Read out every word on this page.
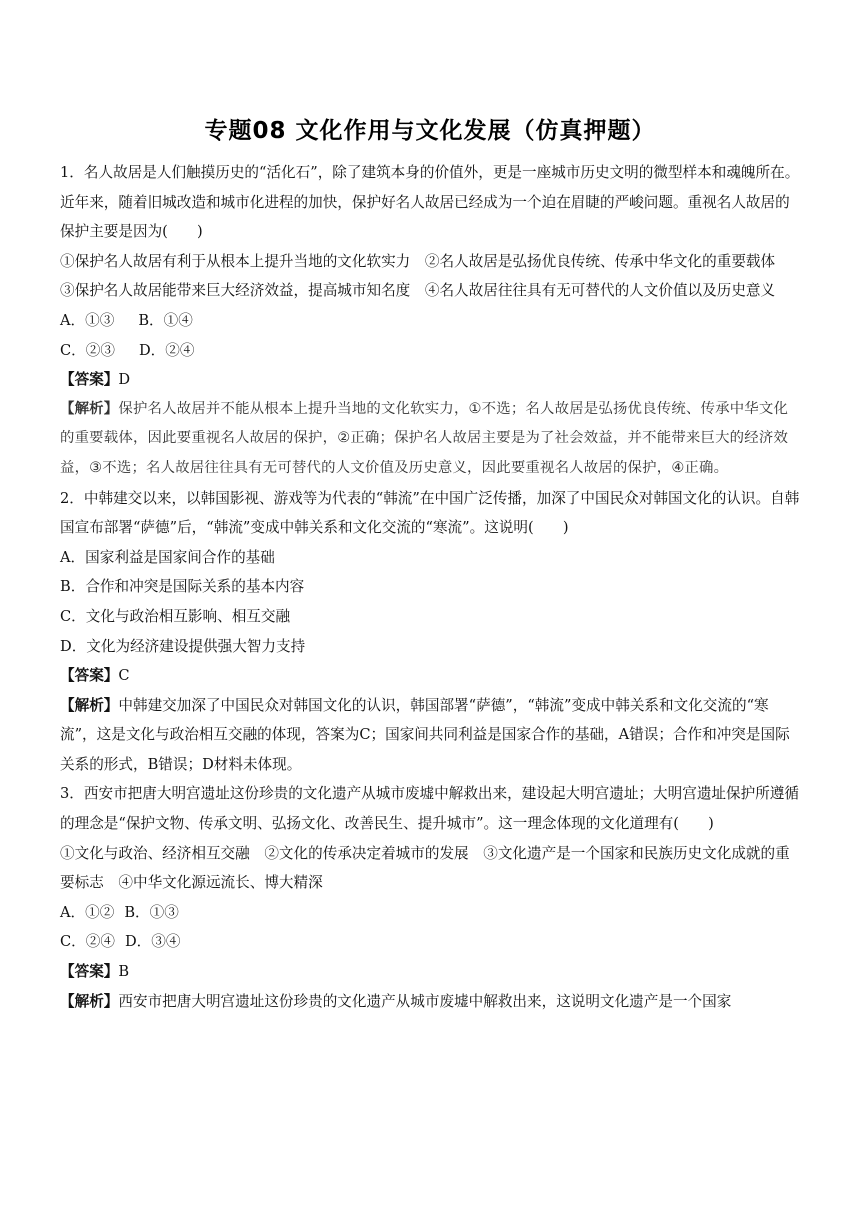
专题08 文化作用与文化发展（仿真押题）

1．名人故居是人们触摸历史的“活化石”，除了建筑本身的价值外，更是一座城市历史文明的微型样本和魂魄所在。近年来，随着旧城改造和城市化进程的加快，保护好名人故居已经成为一个迫在眉睫的严峻问题。重视名人故居的保护主要是因为(　　)

①保护名人故居有利于从根本上提升当地的文化软实力　②名人故居是弘扬优良传统、传承中华文化的重要载体　③保护名人故居能带来巨大经济效益，提高城市知名度　④名人故居往往具有无可替代的人文价值以及历史意义

A．①③ B．①④

C．②③ D．②④

【答案】D

【解析】保护名人故居并不能从根本上提升当地的文化软实力，①不选；名人故居是弘扬优良传统、传承中华文化的重要载体，因此要重视名人故居的保护，②正确；保护名人故居主要是为了社会效益，并不能带来巨大的经济效益，③不选；名人故居往往具有无可替代的人文价值及历史意义，因此要重视名人故居的保护，④正确。

2．中韩建交以来，以韩国影视、游戏等为代表的“韩流”在中国广泛传播，加深了中国民众对韩国文化的认识。自韩国宣布部署“萨德”后，“韩流”变成中韩关系和文化交流的“寒流”。这说明(　　)

A．国家利益是国家间合作的基础

B．合作和冲突是国际关系的基本内容

C．文化与政治相互影响、相互交融

D．文化为经济建设提供强大智力支持

【答案】C

【解析】中韩建交加深了中国民众对韩国文化的认识，韩国部署“萨德”，“韩流”变成中韩关系和文化交流的“寒流”，这是文化与政治相互交融的体现，答案为C；国家间共同利益是国家合作的基础，A错误；合作和冲突是国际关系的形式，B错误；D材料未体现。

3．西安市把唐大明宫遗址这份珍贵的文化遗产从城市废墟中解救出来，建设起大明宫遗址；大明宫遗址保护所遵循的理念是“保护文物、传承文明、弘扬文化、改善民生、提升城市”。这一理念体现的文化道理有(　　)

①文化与政治、经济相互交融　②文化的传承决定着城市的发展　③文化遗产是一个国家和民族历史文化成就的重要标志　④中华文化源远流长、博大精深

A．①② B．①③

C．②④ D．③④

【答案】B

【解析】西安市把唐大明宫遗址这份珍贵的文化遗产从城市废墟中解救出来，这说明文化遗产是一个国家
